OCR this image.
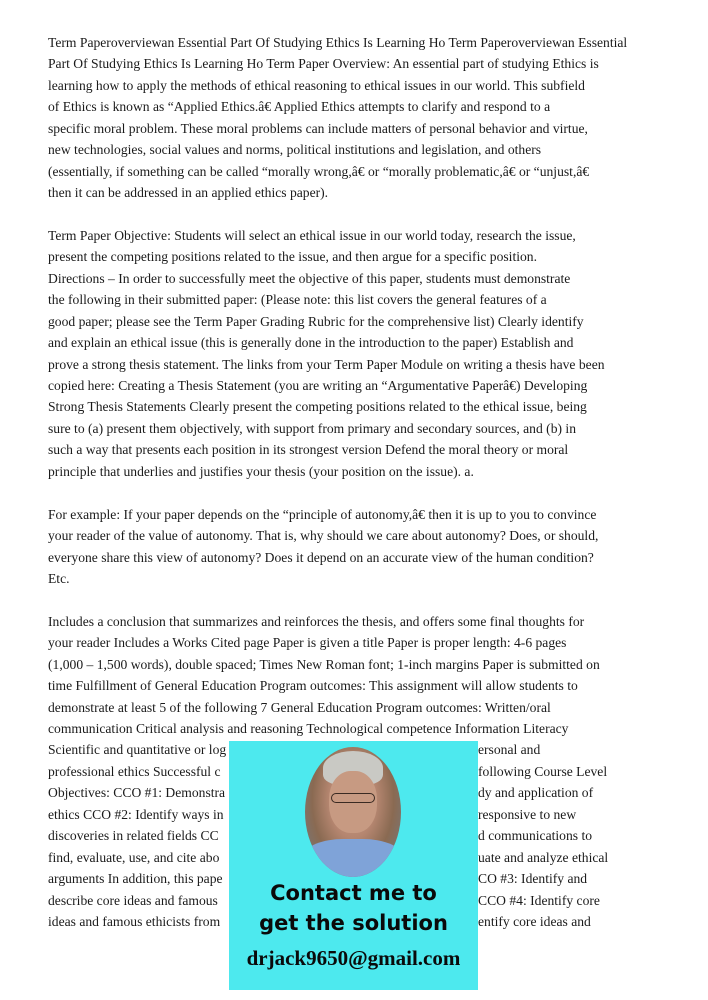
Term Paperoverviewan Essential Part Of Studying Ethics Is Learning Ho Term Paperoverviewan Essential
Part Of Studying Ethics Is Learning Ho Term Paper Overview: An essential part of studying Ethics is
learning how to apply the methods of ethical reasoning to ethical issues in our world. This subfield
of Ethics is known as “Applied Ethics.â€ Applied Ethics attempts to clarify and respond to a
specific moral problem. These moral problems can include matters of personal behavior and virtue,
new technologies, social values and norms, political institutions and legislation, and others
(essentially, if something can be called “morally wrong,â€ or “morally problematic,â€ or “unjust,â€
then it can be addressed in an applied ethics paper).
Term Paper Objective: Students will select an ethical issue in our world today, research the issue,
present the competing positions related to the issue, and then argue for a specific position.
Directions – In order to successfully meet the objective of this paper, students must demonstrate
the following in their submitted paper: (Please note: this list covers the general features of a
good paper; please see the Term Paper Grading Rubric for the comprehensive list) Clearly identify
and explain an ethical issue (this is generally done in the introduction to the paper) Establish and
prove a strong thesis statement. The links from your Term Paper Module on writing a thesis have been
copied here: Creating a Thesis Statement (you are writing an “Argumentative Paperâ€) Developing
Strong Thesis Statements Clearly present the competing positions related to the ethical issue, being
sure to (a) present them objectively, with support from primary and secondary sources, and (b) in
such a way that presents each position in its strongest version Defend the moral theory or moral
principle that underlies and justifies your thesis (your position on the issue). a.
For example: If your paper depends on the “principle of autonomy,â€ then it is up to you to convince
your reader of the value of autonomy. That is, why should we care about autonomy? Does, or should,
everyone share this view of autonomy? Does it depend on an accurate view of the human condition?
Etc.
Includes a conclusion that summarizes and reinforces the thesis, and offers some final thoughts for
your reader Includes a Works Cited page Paper is given a title Paper is proper length: 4-6 pages
(1,000 – 1,500 words), double spaced; Times New Roman font; 1-inch margins Paper is submitted on
time Fulfillment of General Education Program outcomes: This assignment will allow students to
demonstrate at least 5 of the following 7 General Education Program outcomes: Written/oral
communication Critical analysis and reasoning Technological competence Information Literacy
Scientific and quantitative or log	ersonal and
professional ethics Successful c	following Course Level
Objectives: CCO #1: Demonstra	dy and application of
ethics CCO #2: Identify ways in	responsive to new
discoveries in related fields CC	d communications to
find, evaluate, use, and cite abo	uate and analyze ethical
arguments In addition, this pape	CO #3: Identify and
describe core ideas and famous	CCO #4: Identify core
ideas and famous ethicists from	entify core ideas and
Contact me to
get the solution
drjack9650@gmail.com
